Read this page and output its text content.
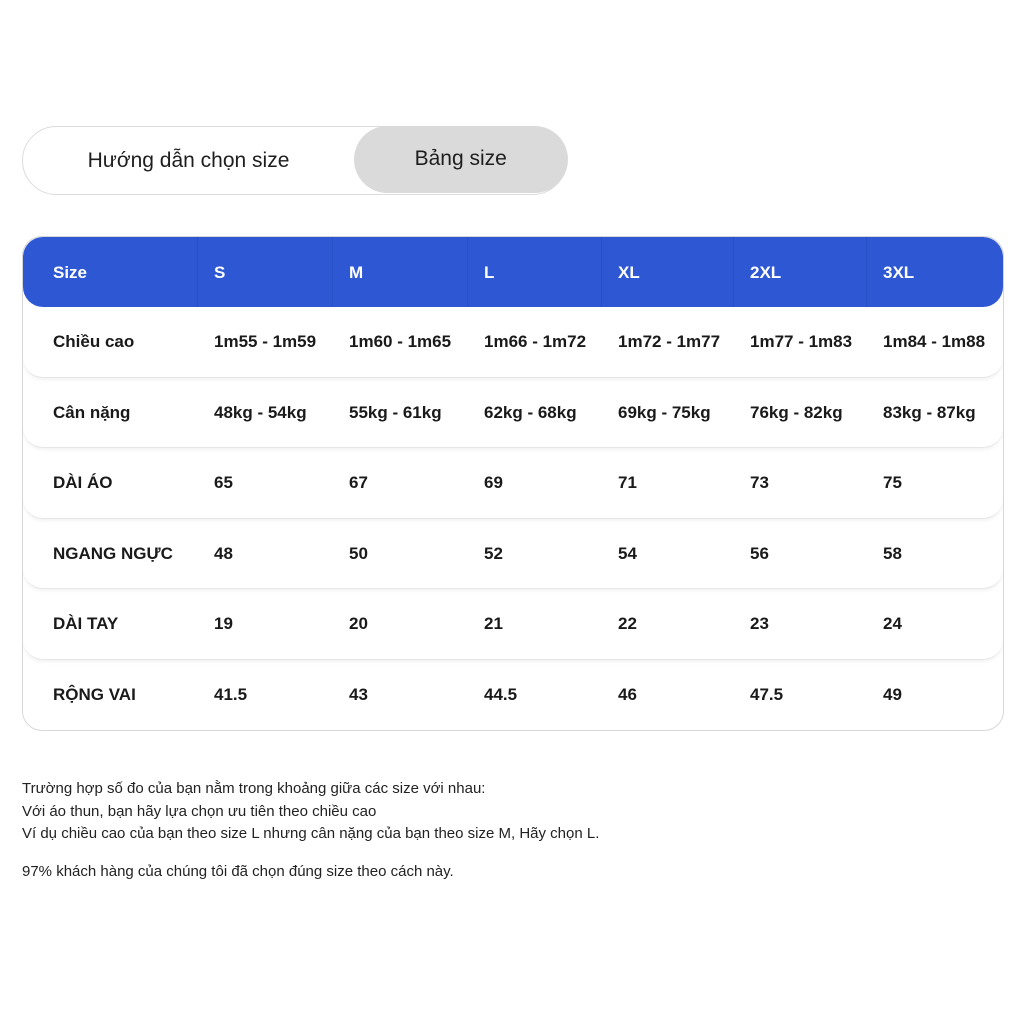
Hướng dẫn chọn size	Bảng size
Size	S	M	L	XL	2XL	3XL
Chiều cao	1m55 - 1m59	1m60 - 1m65	1m66 - 1m72	1m72 - 1m77	1m77 - 1m83	1m84 - 1m88
Cân nặng	48kg - 54kg	55kg - 61kg	62kg - 68kg	69kg - 75kg	76kg - 82kg	83kg - 87kg
DÀI ÁO	65	67	69	71	73	75
NGANG NGỰC	48	50	52	54	56	58
DÀI TAY	19	20	21	22	23	24
RỘNG VAI	41.5	43	44.5	46	47.5	49

Trường hợp số đo của bạn nằm trong khoảng giữa các size với nhau:

Với áo thun, bạn hãy lựa chọn ưu tiên theo chiều cao

Ví dụ chiều cao của bạn theo size L nhưng cân nặng của bạn theo size M, Hãy chọn L.

97% khách hàng của chúng tôi đã chọn đúng size theo cách này.
